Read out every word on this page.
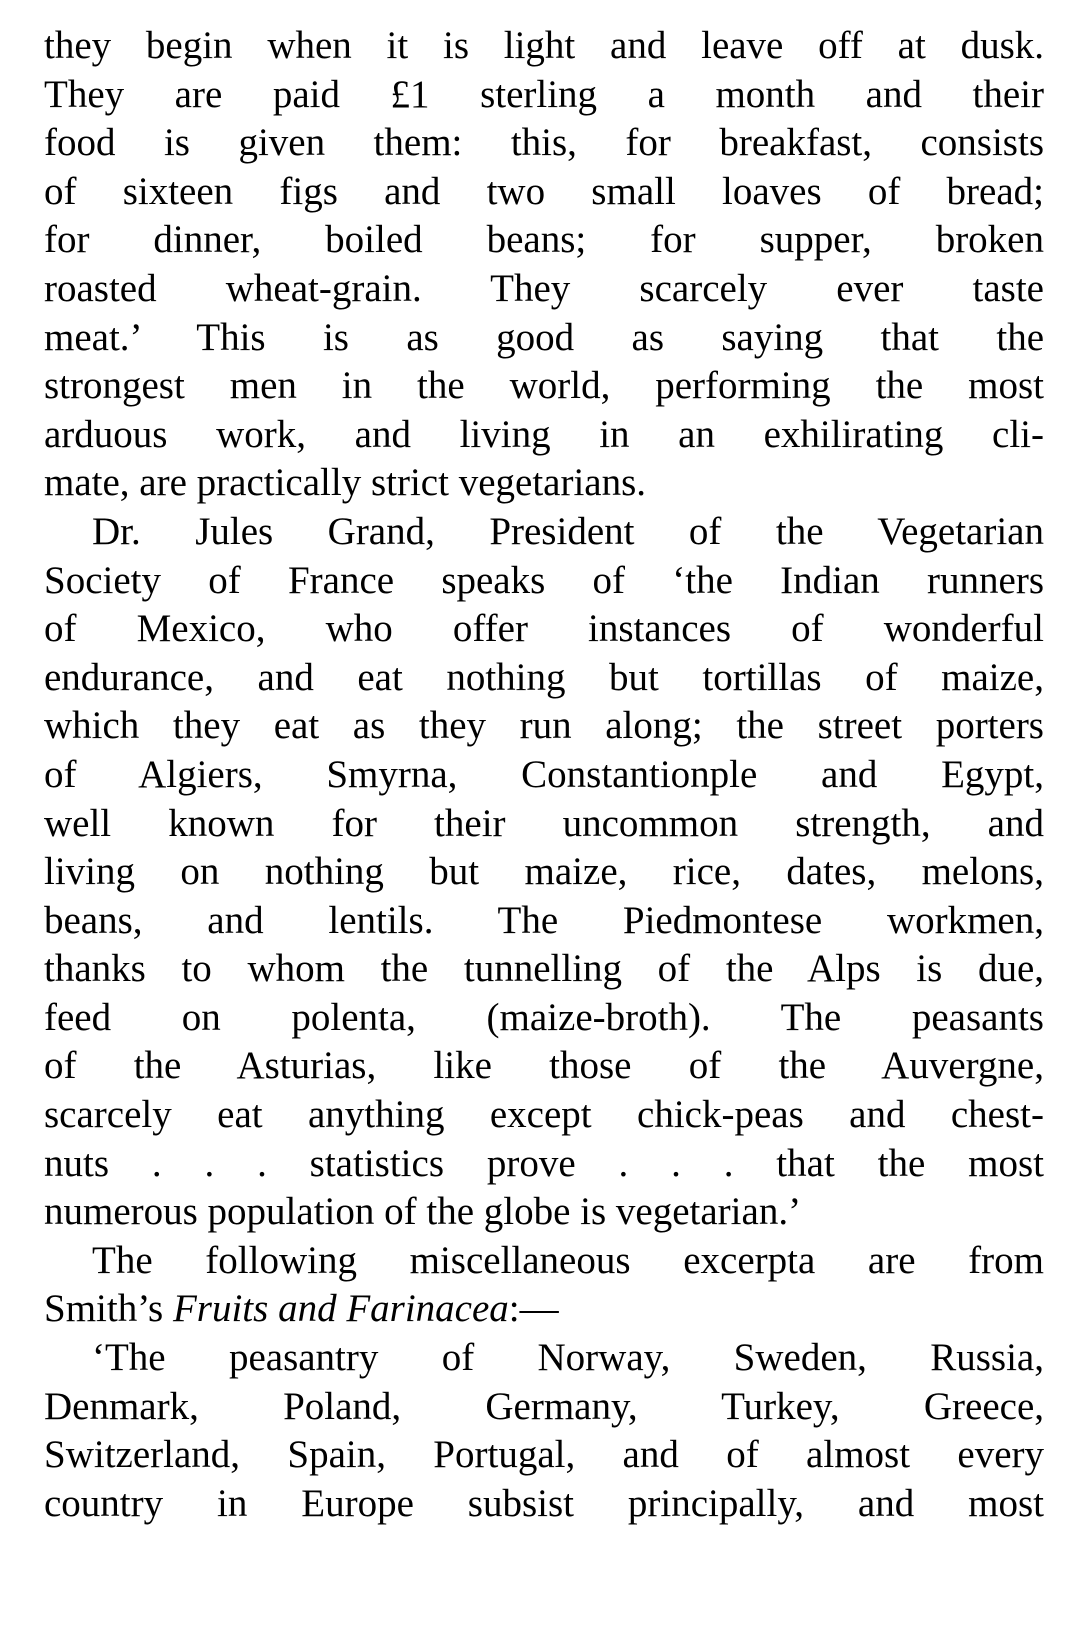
they begin when it is light and leave off at dusk.
They are paid £1 sterling a month and their
food is given them: this, for breakfast, consists
of sixteen figs and two small loaves of bread;
for dinner, boiled beans; for supper, broken
roasted wheat-grain. They scarcely ever taste
meat.’ This is as good as saying that the
strongest men in the world, performing the most
arduous work, and living in an exhilirating cli-
mate, are practically strict vegetarians.
Dr. Jules Grand, President of the Vegetarian
Society of France speaks of ‘the Indian runners
of Mexico, who offer instances of wonderful
endurance, and eat nothing but tortillas of maize,
which they eat as they run along; the street porters
of Algiers, Smyrna, Constantionple and Egypt,
well known for their uncommon strength, and
living on nothing but maize, rice, dates, melons,
beans, and lentils. The Piedmontese workmen,
thanks to whom the tunnelling of the Alps is due,
feed on polenta, (maize-broth). The peasants
of the Asturias, like those of the Auvergne,
scarcely eat anything except chick-peas and chest-
nuts . . . statistics prove . . . that the most
numerous population of the globe is vegetarian.’
The following miscellaneous excerpta are from
Smith’s Fruits and Farinacea:—
‘The peasantry of Norway, Sweden, Russia,
Denmark, Poland, Germany, Turkey, Greece,
Switzerland, Spain, Portugal, and of almost every
country in Europe subsist principally, and most
